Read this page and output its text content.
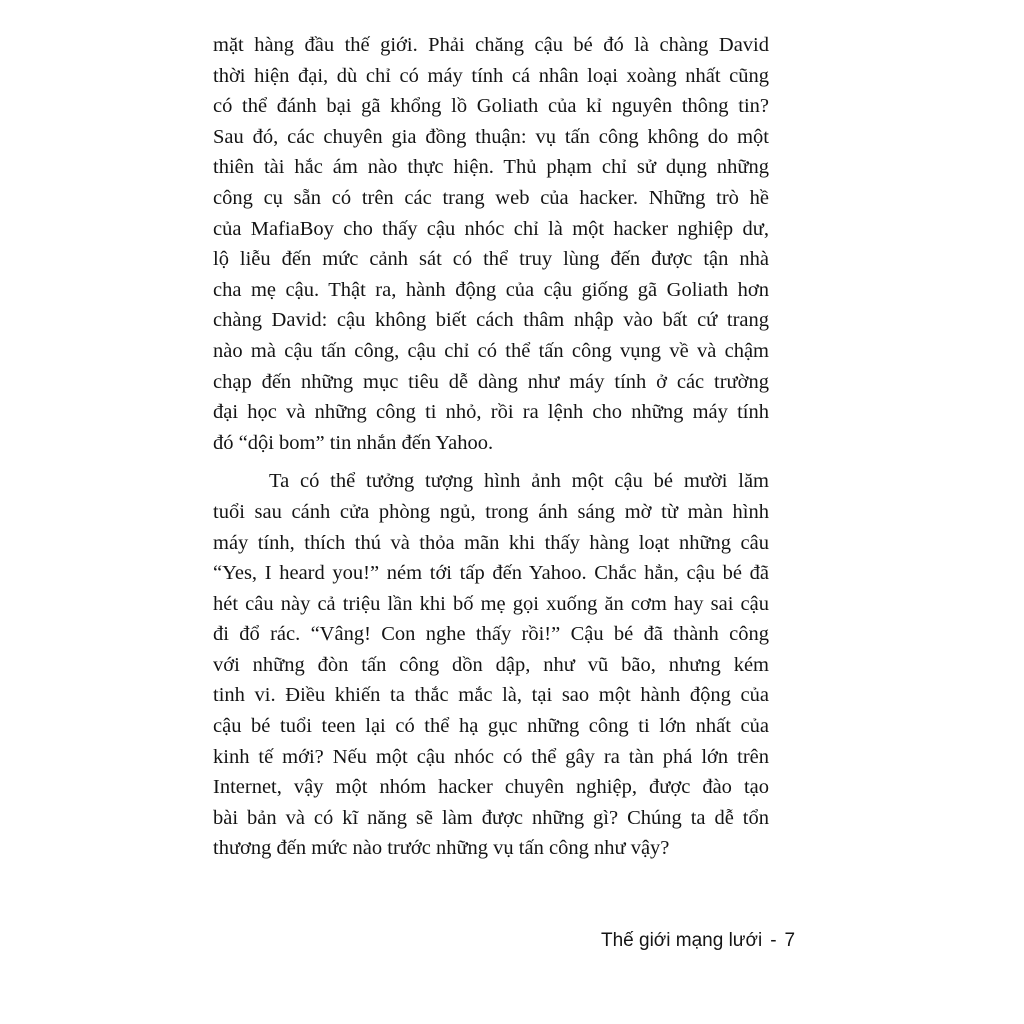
mặt hàng đầu thế giới. Phải chăng cậu bé đó là chàng David
thời hiện đại, dù chỉ có máy tính cá nhân loại xoàng nhất cũng
có thể đánh bại gã khổng lồ Goliath của kỉ nguyên thông tin?
Sau đó, các chuyên gia đồng thuận: vụ tấn công không do một
thiên tài hắc ám nào thực hiện. Thủ phạm chỉ sử dụng những
công cụ sẵn có trên các trang web của hacker. Những trò hề
của MafiaBoy cho thấy cậu nhóc chỉ là một hacker nghiệp dư,
lộ liễu đến mức cảnh sát có thể truy lùng đến được tận nhà
cha mẹ cậu. Thật ra, hành động của cậu giống gã Goliath hơn
chàng David: cậu không biết cách thâm nhập vào bất cứ trang
nào mà cậu tấn công, cậu chỉ có thể tấn công vụng về và chậm
chạp đến những mục tiêu dễ dàng như máy tính ở các trường
đại học và những công ti nhỏ, rồi ra lệnh cho những máy tính
đó “dội bom” tin nhắn đến Yahoo.
Ta có thể tưởng tượng hình ảnh một cậu bé mười lăm
tuổi sau cánh cửa phòng ngủ, trong ánh sáng mờ từ màn hình
máy tính, thích thú và thỏa mãn khi thấy hàng loạt những câu
“Yes, I heard you!” ném tới tấp đến Yahoo. Chắc hẳn, cậu bé đã
hét câu này cả triệu lần khi bố mẹ gọi xuống ăn cơm hay sai cậu
đi đổ rác. “Vâng! Con nghe thấy rồi!” Cậu bé đã thành công
với những đòn tấn công dồn dập, như vũ bão, nhưng kém
tinh vi. Điều khiến ta thắc mắc là, tại sao một hành động của
cậu bé tuổi teen lại có thể hạ gục những công ti lớn nhất của
kinh tế mới? Nếu một cậu nhóc có thể gây ra tàn phá lớn trên
Internet, vậy một nhóm hacker chuyên nghiệp, được đào tạo
bài bản và có kĩ năng sẽ làm được những gì? Chúng ta dễ tổn
thương đến mức nào trước những vụ tấn công như vậy?
Thế giới mạng lưới - 7
